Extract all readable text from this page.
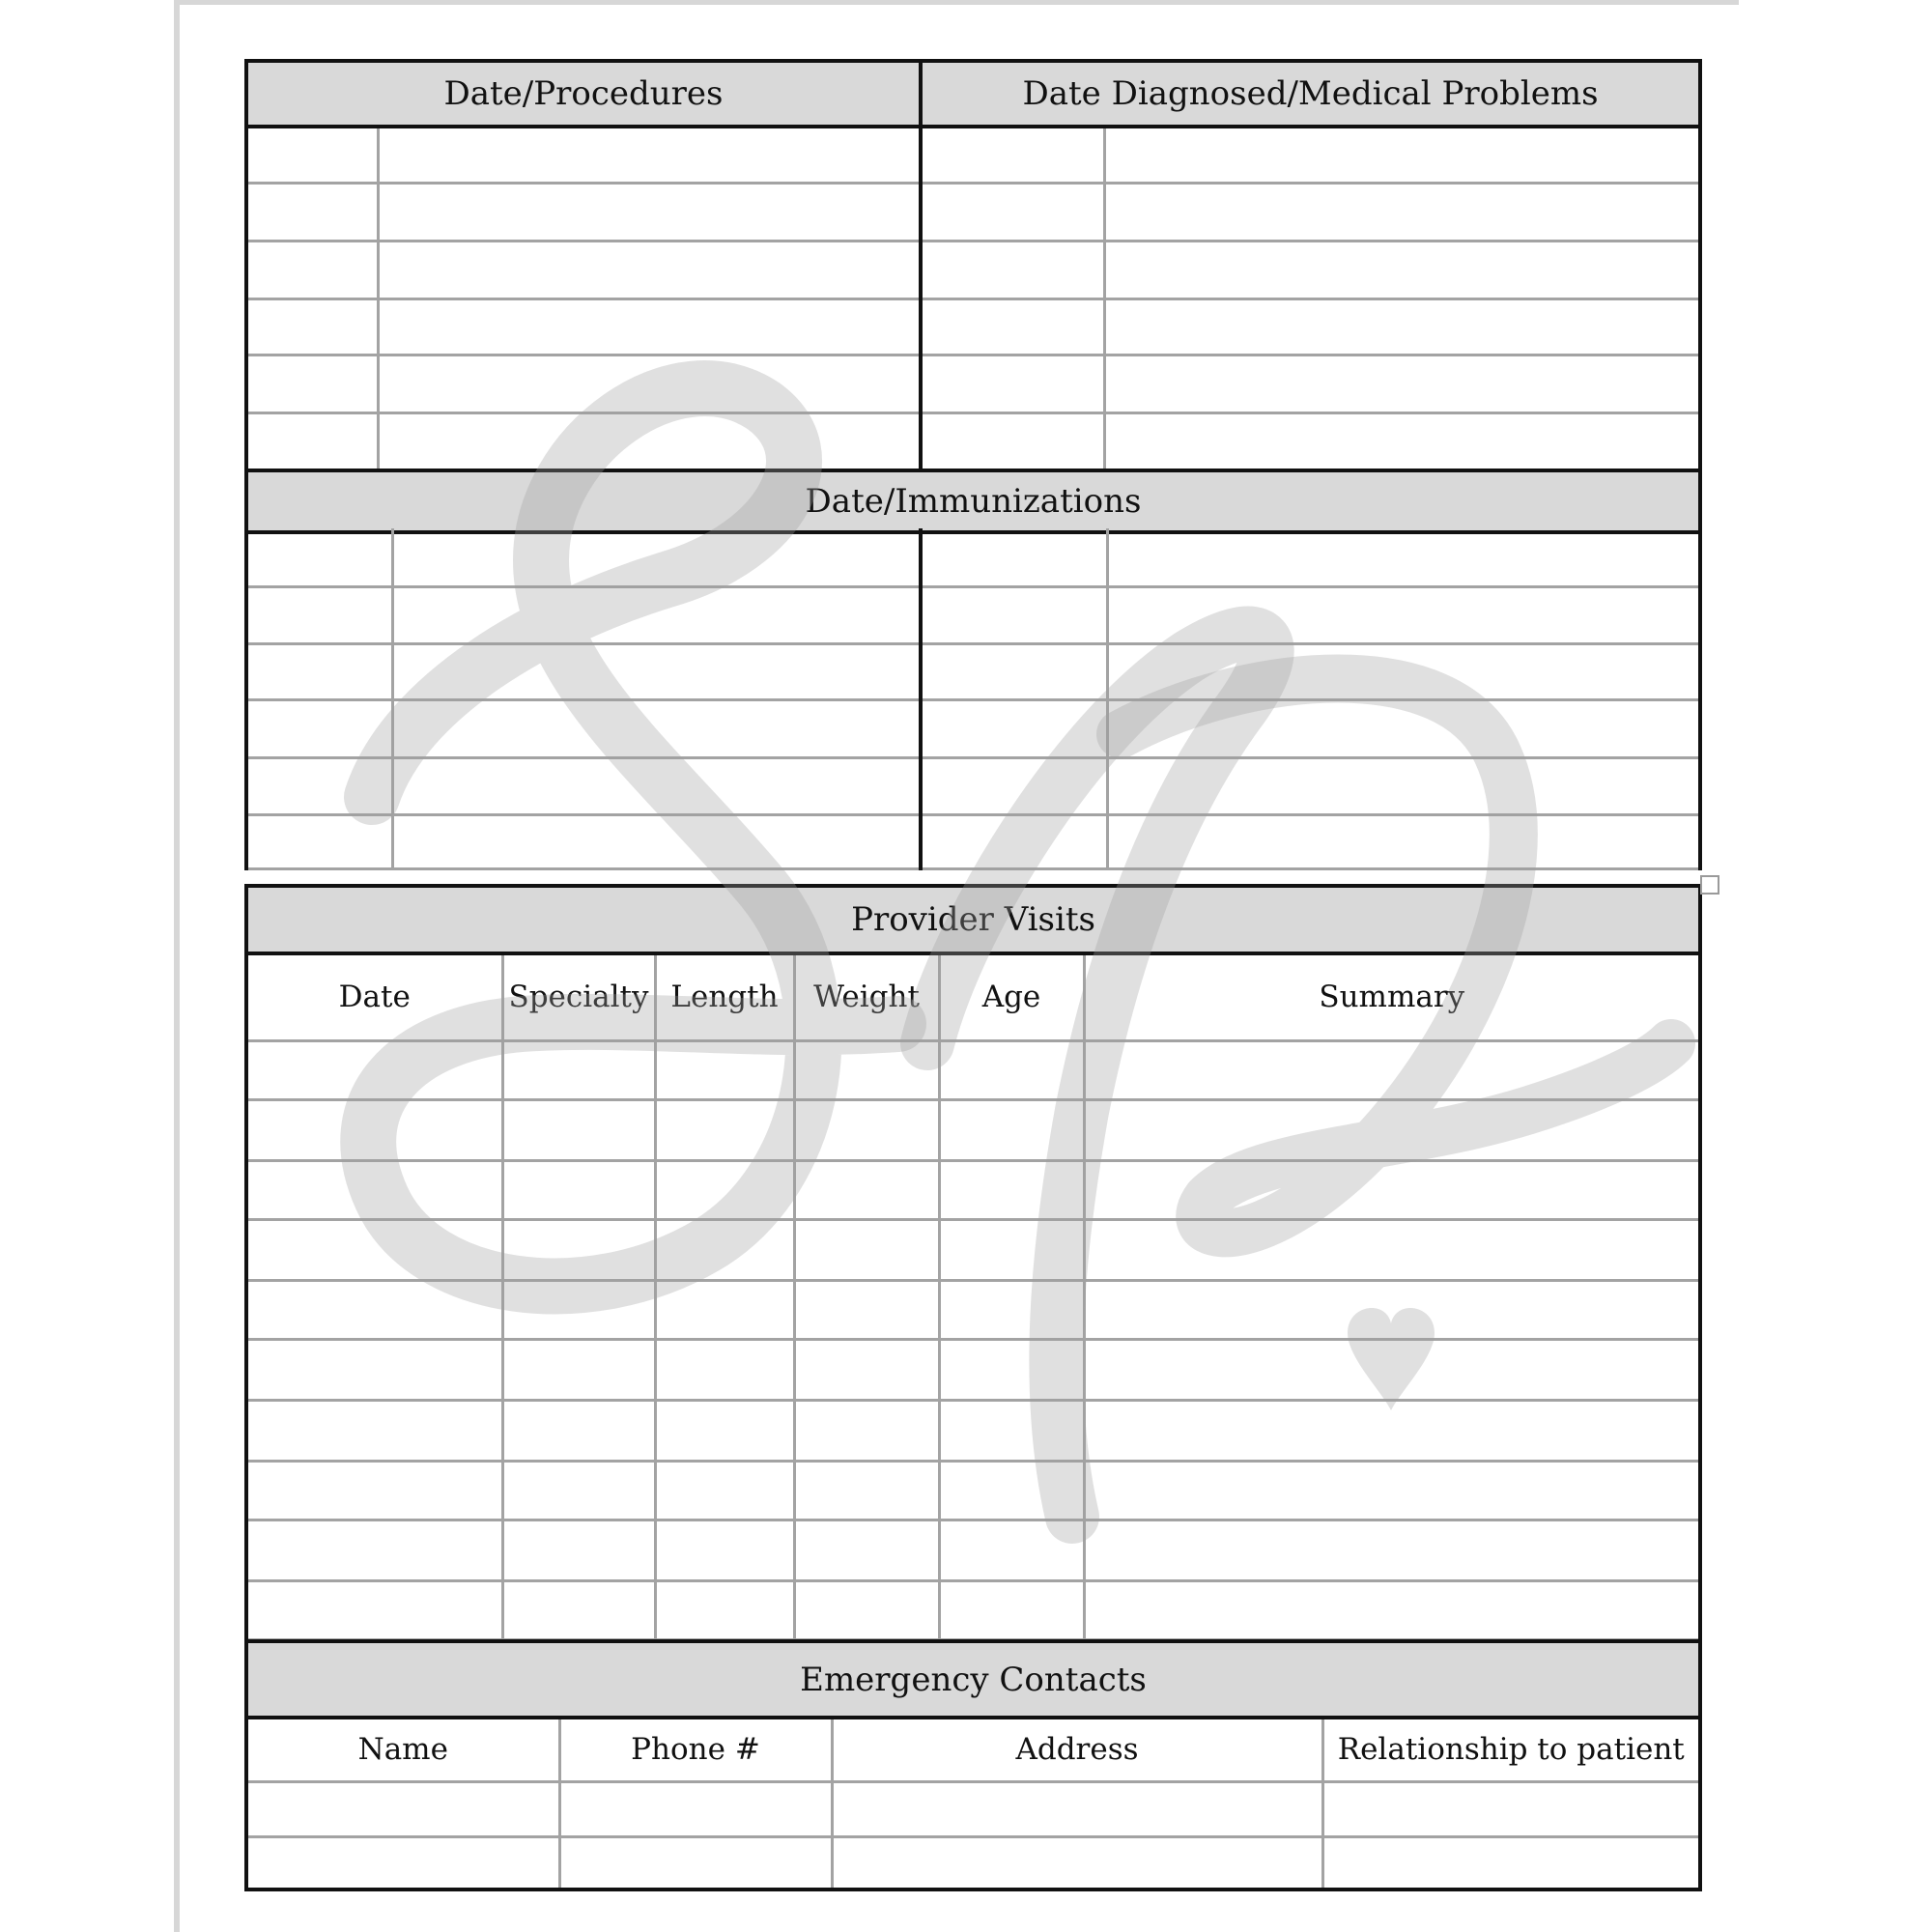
Date/Procedures		Date Diagnosed/Medical Problems	

Date/Immunizations			

Provider Visits					
Date	Specialty	Length	Weight	Age	Summary

Emergency Contacts			
Name	Phone #	Address	Relationship to patient
